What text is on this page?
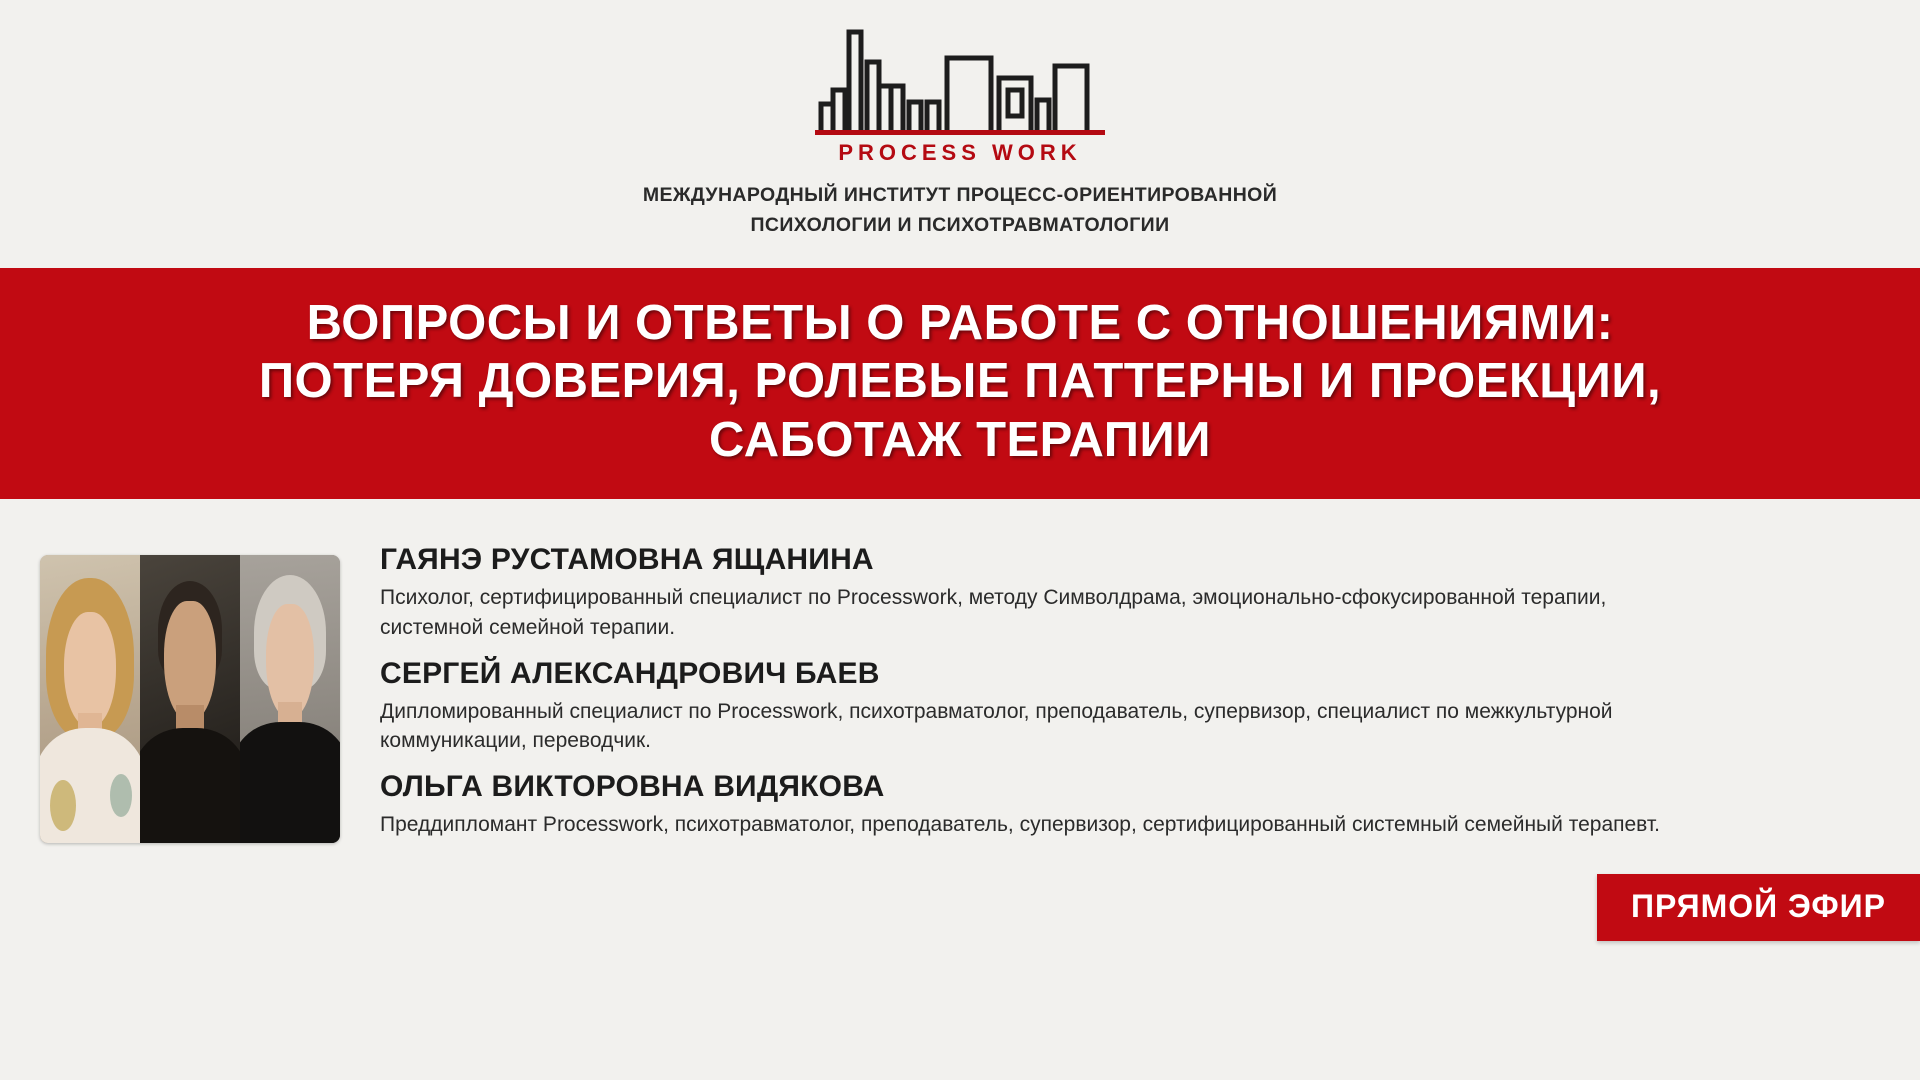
PROCESS WORK
МЕЖДУНАРОДНЫЙ ИНСТИТУТ ПРОЦЕСС-ОРИЕНТИРОВАННОЙ
ПСИХОЛОГИИ И ПСИХОТРАВМАТОЛОГИИ
ВОПРОСЫ И ОТВЕТЫ О РАБОТЕ С ОТНОШЕНИЯМИ:
ПОТЕРЯ ДОВЕРИЯ, РОЛЕВЫЕ ПАТТЕРНЫ И ПРОЕКЦИИ,
САБОТАЖ ТЕРАПИИ
ГАЯНЭ РУСТАМОВНА ЯЩАНИНА
Психолог, сертифицированный специалист по Processwork, методу Символдрама, эмоционально-сфокусированной терапии, системной семейной терапии.
СЕРГЕЙ АЛЕКСАНДРОВИЧ БАЕВ
Дипломированный специалист по Processwork, психотравматолог, преподаватель, супервизор, специалист по межкультурной коммуникации, переводчик.
ОЛЬГА ВИКТОРОВНА ВИДЯКОВА
Преддипломант Processwork, психотравматолог, преподаватель, супервизор, сертифицированный системный семейный терапевт.
ПРЯМОЙ ЭФИР
